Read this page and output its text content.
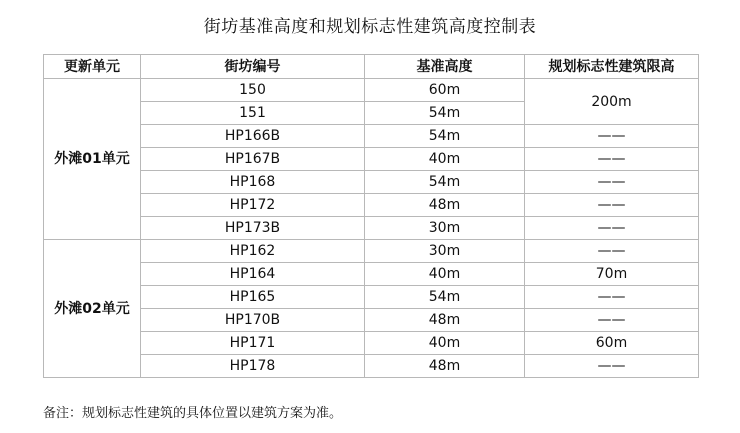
街坊基准高度和规划标志性建筑高度控制表
更新单元	街坊编号	基准高度	规划标志性建筑限高
外滩01单元	150	60m	200m
	151	54m	
	HP166B	54m	——
	HP167B	40m	——
	HP168	54m	——
	HP172	48m	——
	HP173B	30m	——
外滩02单元	HP162	30m	——
	HP164	40m	70m
	HP165	54m	——
	HP170B	48m	——
	HP171	40m	60m
	HP178	48m	——
备注：规划标志性建筑的具体位置以建筑方案为准。
